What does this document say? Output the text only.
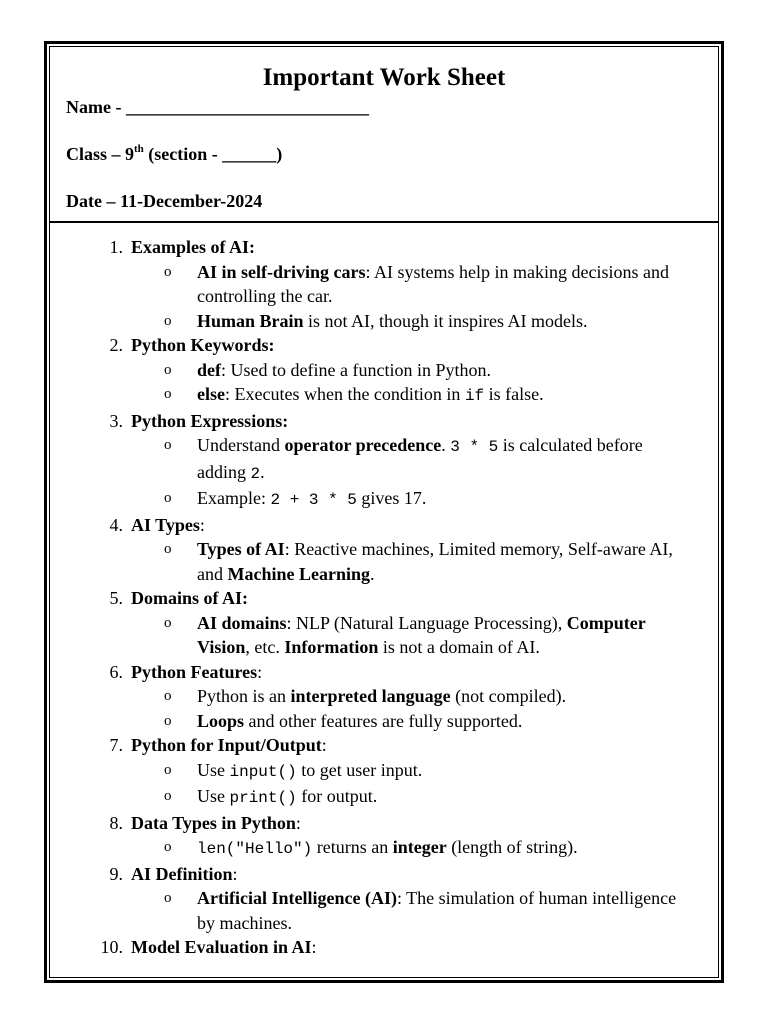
Important Work Sheet
Name - ___________________________
Class – 9th (section - ______)
Date – 11-December-2024
1. Examples of AI:
o AI in self-driving cars: AI systems help in making decisions and controlling the car.
o Human Brain is not AI, though it inspires AI models.
2. Python Keywords:
o def: Used to define a function in Python.
o else: Executes when the condition in if is false.
3. Python Expressions:
o Understand operator precedence. 3 * 5 is calculated before adding 2.
o Example: 2 + 3 * 5 gives 17.
4. AI Types:
o Types of AI: Reactive machines, Limited memory, Self-aware AI, and Machine Learning.
5. Domains of AI:
o AI domains: NLP (Natural Language Processing), Computer Vision, etc. Information is not a domain of AI.
6. Python Features:
o Python is an interpreted language (not compiled).
o Loops and other features are fully supported.
7. Python for Input/Output:
o Use input() to get user input.
o Use print() for output.
8. Data Types in Python:
o len("Hello") returns an integer (length of string).
9. AI Definition:
o Artificial Intelligence (AI): The simulation of human intelligence by machines.
10. Model Evaluation in AI:
